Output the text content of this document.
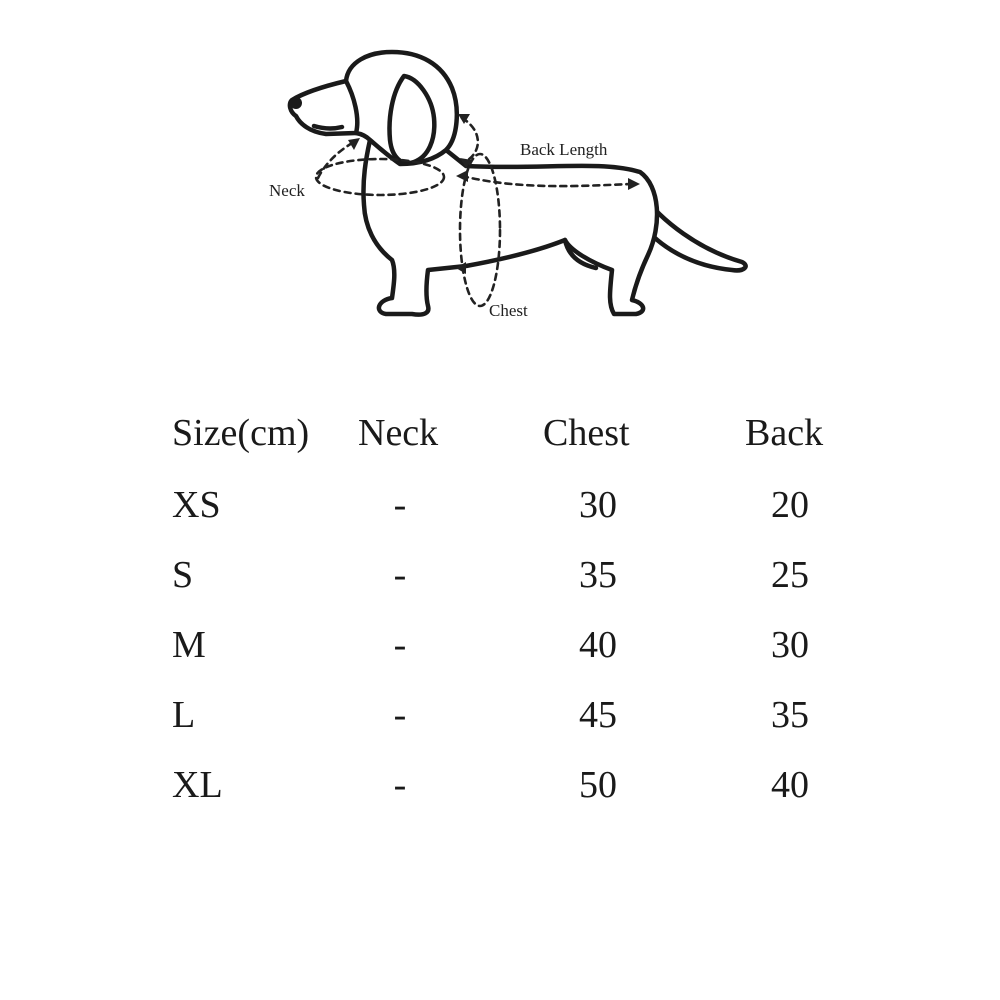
Neck
Back Length
Chest
Size(cm) Neck	Chest	Back
XS	-	30	20
S	-	35	25
M	-	40	30
L	-	45	35
XL	-	50	40
